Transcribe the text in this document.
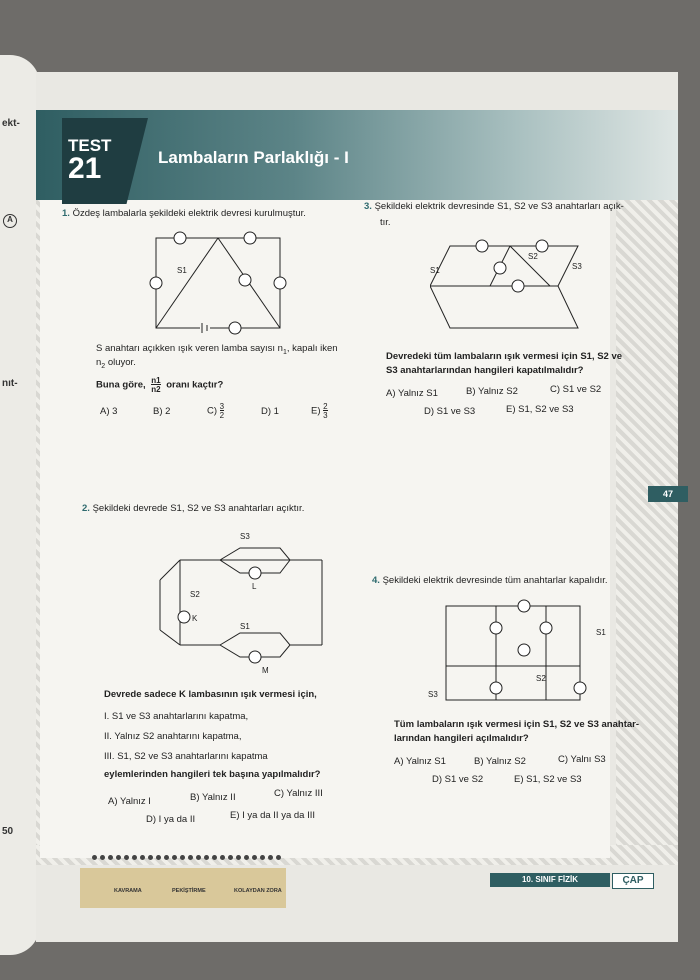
ekt-
A
nıt-
50
TEST
21	Lambaların Parlaklığı - I
47
1. Özdeş lambalarla şekildeki elektrik devresi kurulmuştur.
S1
S anahtarı açıkken ışık veren lamba sayısı $n_1$, kapalı iken
$n_2$ oluyor.
Buna göre, $\frac{n1}{n2}$ oranı kaçtır?
A) 3	B) 2	$C) \frac{3}{2}$	D) 1	$E) \frac{2}{3}$
2. Şekildeki devrede S1, S2 ve S3 anahtarları açıktır.
S3
L
S2
K
S1
M
Devrede sadece K lambasının ışık vermesi için,
I. S1 ve S3 anahtarlarını kapatma,
II. Yalnız S2 anahtarını kapatma,
III. S1, S2 ve S3 anahtarlarını kapatma
eylemlerinden hangileri tek başına yapılmalıdır?
A) Yalnız I	B) Yalnız II	C) Yalnız III
D) I ya da II	E) I ya da II ya da III
3. Şekildeki elektrik devresinde S1, S2 ve S3 anahtarları açık-
tır.
S1
S2
S3
Devredeki tüm lambaların ışık vermesi için S1, S2 ve
S3 anahtarlarından hangileri kapatılmalıdır?
A) Yalnız S1	B) Yalnız S2	C) S1 ve S2
D) S1 ve S3	E) S1, S2 ve S3
4. Şekildeki elektrik devresinde tüm anahtarlar kapalıdır.
S1
S2
S3
Tüm lambaların ışık vermesi için S1, S2 ve S3 anahtar-
larından hangileri açılmalıdır?
A) Yalnız S1	B) Yalnız S2	C) Yalnı S3
D) S1 ve S2	E) S1, S2 ve S3
KAVRAMA	PEKİŞTİRME	KOLAYDAN ZORA
10. SINIF FİZİK	ÇAP
